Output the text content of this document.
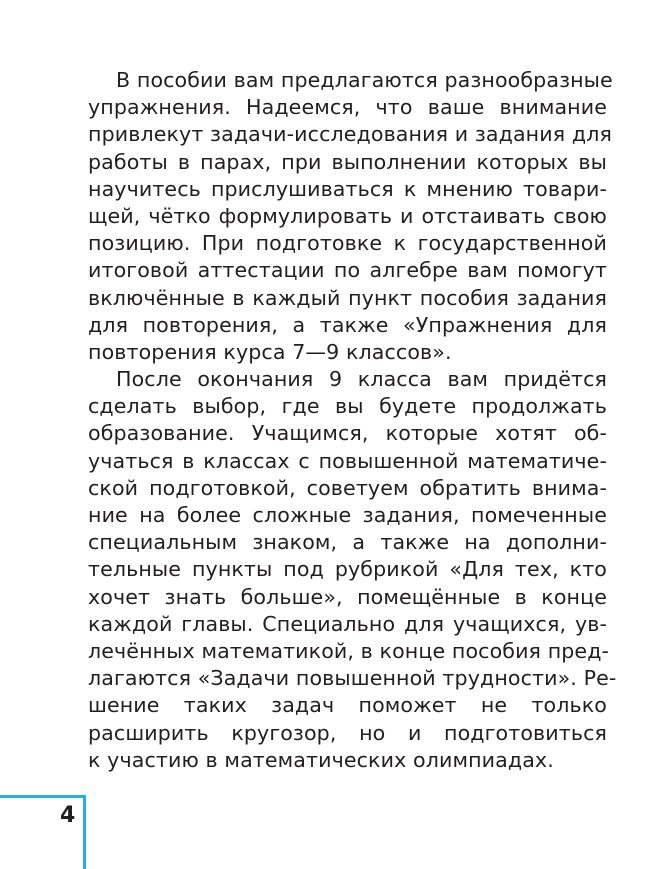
В пособии вам предлагаются разнообразные
упражнения. Надеемся, что ваше внимание
привлекут задачи-исследования и задания для
работы в парах, при выполнении которых вы
научитесь прислушиваться к мнению товари-
щей, чётко формулировать и отстаивать свою
позицию. При подготовке к государственной
итоговой аттестации по алгебре вам помогут
включённые в каждый пункт пособия задания
для повторения, а также «Упражнения для
повторения курса 7—9 классов».
После окончания 9 класса вам придётся
сделать выбор, где вы будете продолжать
образование. Учащимся, которые хотят об-
учаться в классах с повышенной математиче-
ской подготовкой, советуем обратить внима-
ние на более сложные задания, помеченные
специальным знаком, а также на дополни-
тельные пункты под рубрикой «Для тех, кто
хочет знать больше», помещённые в конце
каждой главы. Специально для учащихся, ув-
лечённых математикой, в конце пособия пред-
лагаются «Задачи повышенной трудности». Ре-
шение таких задач поможет не только
расширить кругозор, но и подготовиться
к участию в математических олимпиадах.
4
